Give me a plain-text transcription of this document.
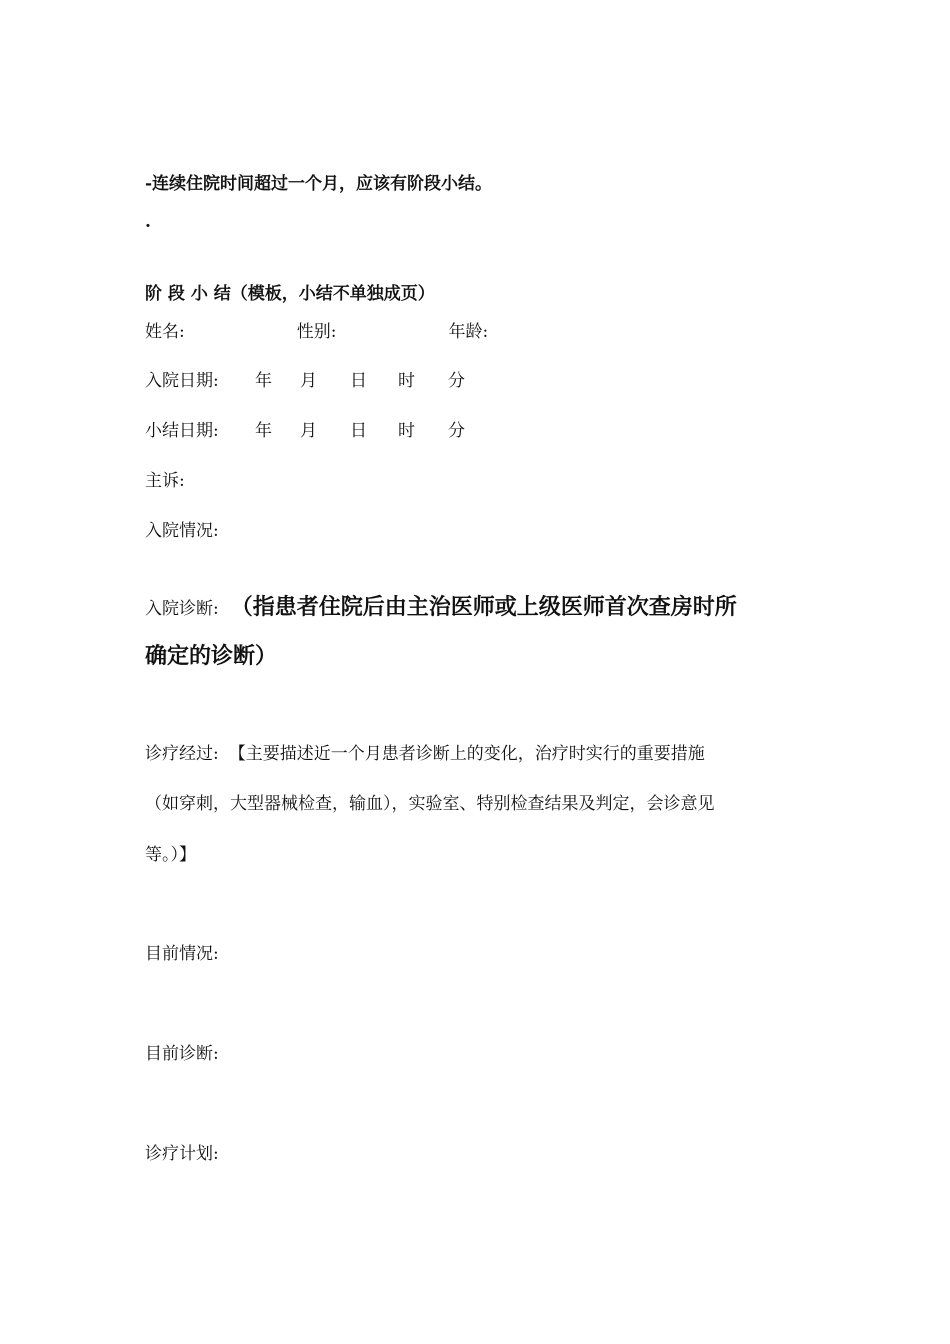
-连续住院时间超过一个月，应该有阶段小结。
.
阶 段 小 结（模板，小结不单独成页）
姓名:	性别:	年龄:
入院日期: 年 月 日 时 分
小结日期: 年 月 日 时 分
主诉:
入院情况:
入院诊断: （指患者住院后由主治医师或上级医师首次查房时所
确定的诊断）
诊疗经过: 【主要描述近一个月患者诊断上的变化，治疗时实行的重要措施
（如穿刺，大型器械检查，输血），实验室、特别检查结果及判定，会诊意见
等。）】
目前情况:
目前诊断:
诊疗计划:
